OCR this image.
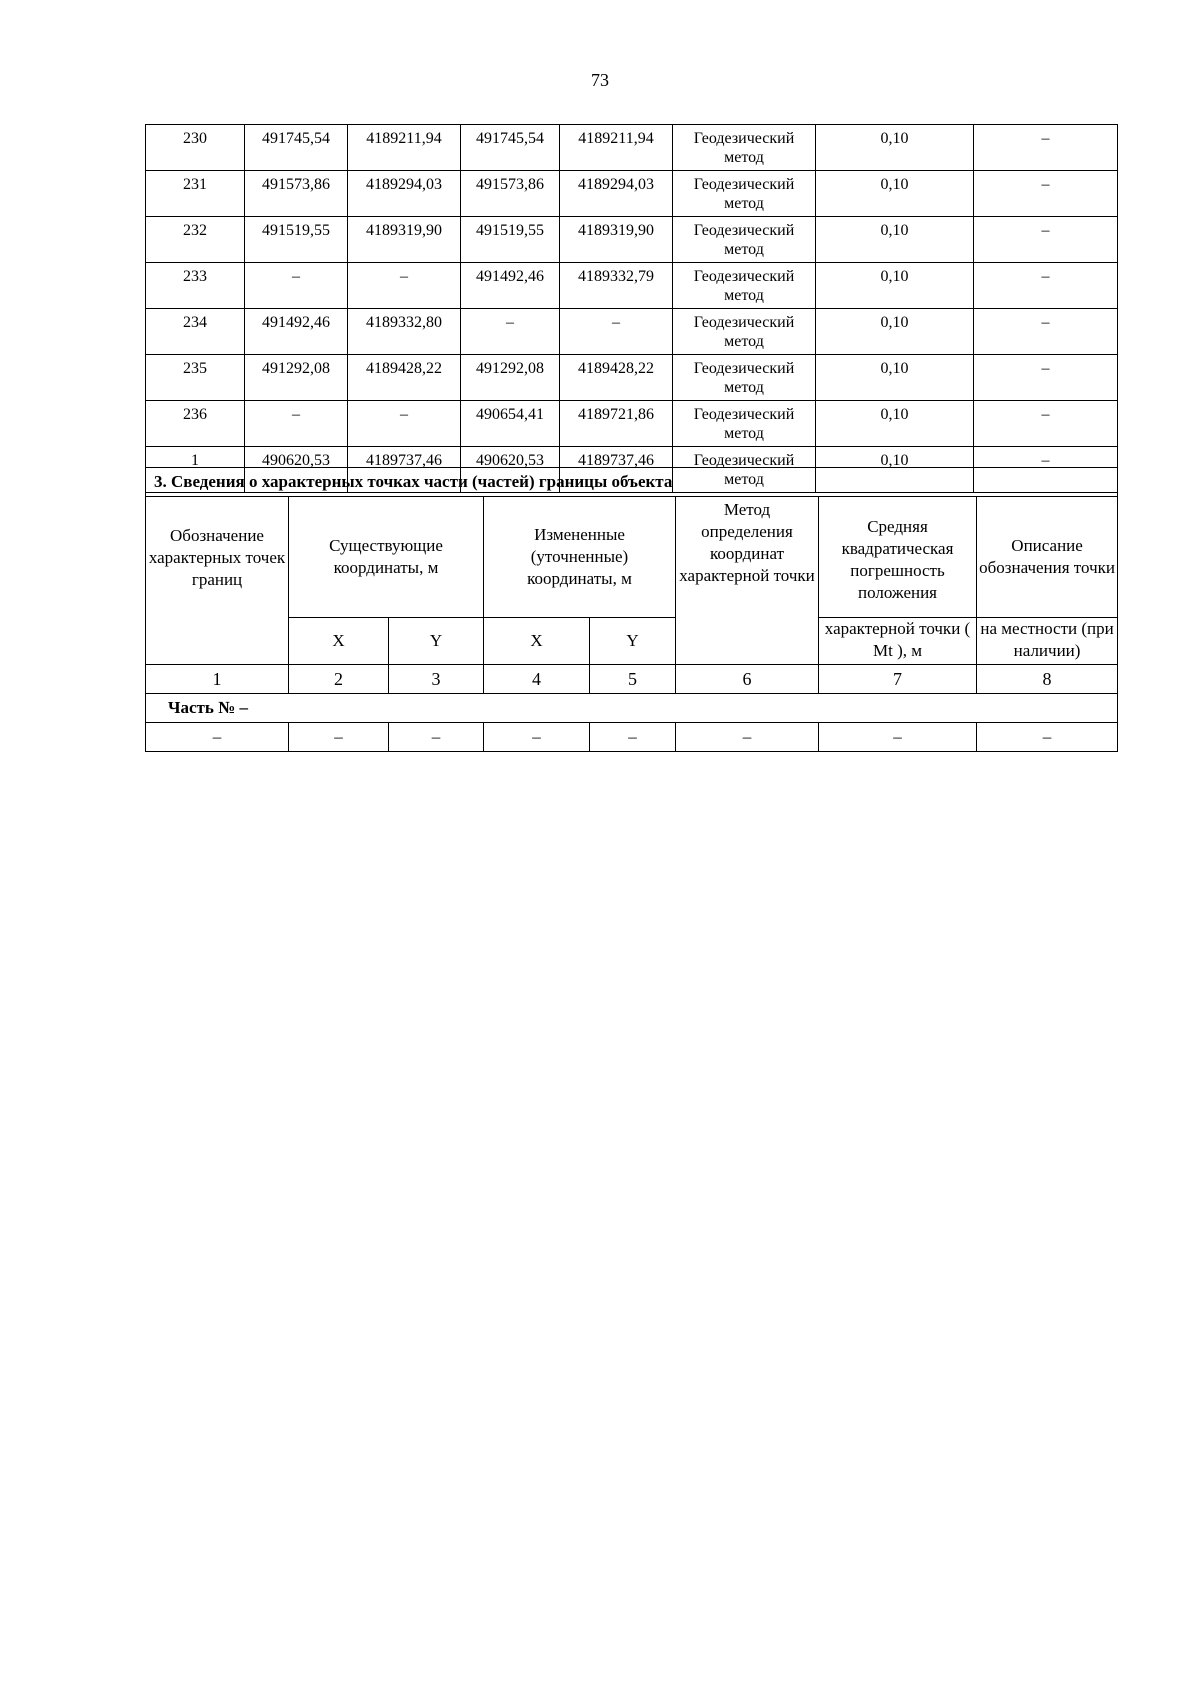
73
230	491745,54	4189211,94	491745,54	4189211,94	Геодезический метод	0,10	–
231	491573,86	4189294,03	491573,86	4189294,03	Геодезический метод	0,10	–
232	491519,55	4189319,90	491519,55	4189319,90	Геодезический метод	0,10	–
233	–	–	491492,46	4189332,79	Геодезический метод	0,10	–
234	491492,46	4189332,80	–	–	Геодезический метод	0,10	–
235	491292,08	4189428,22	491292,08	4189428,22	Геодезический метод	0,10	–
236	–	–	490654,41	4189721,86	Геодезический метод	0,10	–
1	490620,53	4189737,46	490620,53	4189737,46	Геодезический метод	0,10	–
3. Сведения о характерных точках части (частей) границы объекта							
Обозначение характерных точек границ	Существующие координаты, м		Измененные (уточненные) координаты, м		Метод определения координат характерной точки	Средняя квадратическая погрешность положения	Описание обозначения точки
	X	Y	X	Y		характерной точки ( Mt ), м	на местности (при наличии)
1	2	3	4	5	6	7	8
Часть № –							
–	–	–	–	–	–	–	–
